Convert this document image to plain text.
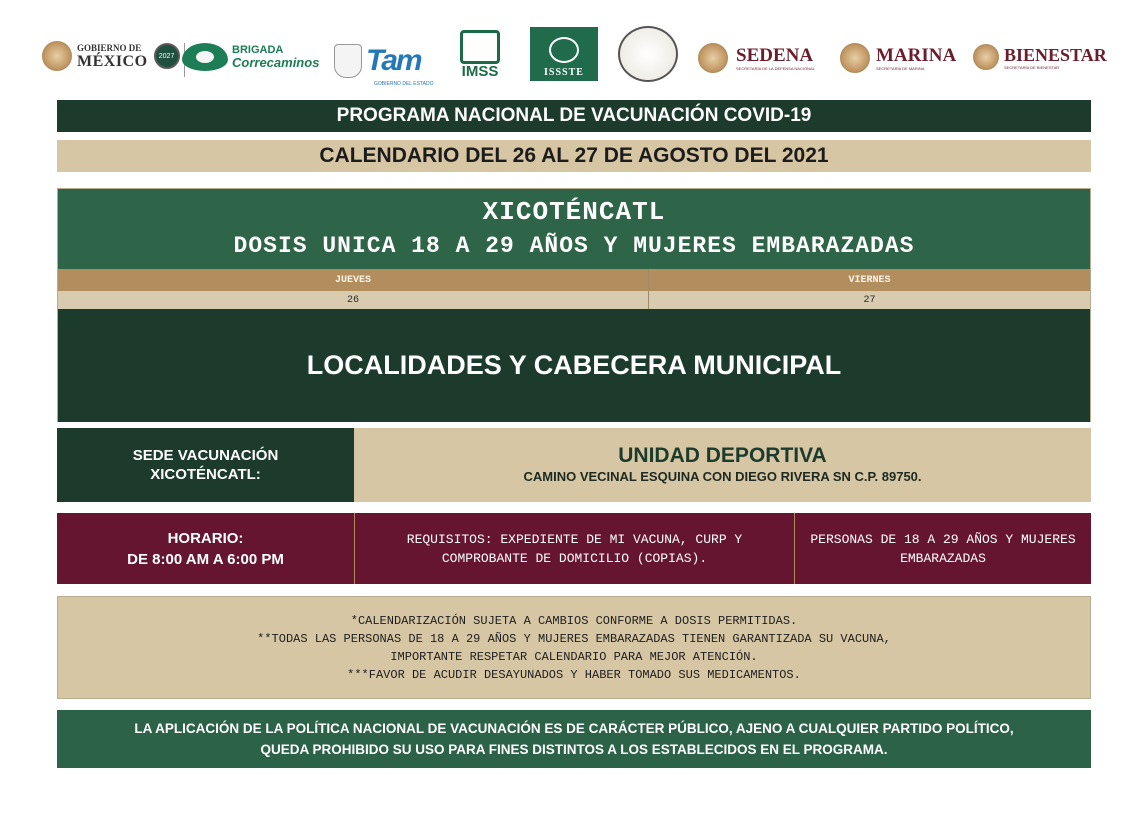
GOBIERNO DE
MÉXICO	2027	BRIGADA
Correcaminos Tam
GOBIERNO DEL ESTADO
IMSS	ISSSTE
SEDENA
SECRETARÍA DE LA DEFENSA NACIONAL
MARINA
SECRETARÍA DE MARINA
BIENESTAR
SECRETARÍA DE BIENESTAR
PROGRAMA NACIONAL DE VACUNACIÓN COVID-19
CALENDARIO DEL 26 AL 27 DE AGOSTO DEL 2021
XICOTÉNCATL
DOSIS UNICA 18 A 29 AÑOS Y MUJERES EMBARAZADAS
JUEVES	VIERNES
26	27
LOCALIDADES Y CABECERA MUNICIPAL
SEDE VACUNACIÓN
XICOTÉNCATL:
UNIDAD DEPORTIVA
CAMINO VECINAL ESQUINA CON DIEGO RIVERA SN C.P. 89750.
HORARIO:
DE 8:00 AM A 6:00 PM
REQUISITOS: EXPEDIENTE DE MI VACUNA, CURP Y COMPROBANTE DE DOMICILIO (COPIAS).
PERSONAS DE 18 A 29 AÑOS Y MUJERES EMBARAZADAS
*CALENDARIZACIÓN SUJETA A CAMBIOS CONFORME A DOSIS PERMITIDAS.
**TODAS LAS PERSONAS DE 18 A 29 AÑOS Y MUJERES EMBARAZADAS TIENEN GARANTIZADA SU VACUNA,
IMPORTANTE RESPETAR CALENDARIO PARA MEJOR ATENCIÓN.
***FAVOR DE ACUDIR DESAYUNADOS Y HABER TOMADO SUS MEDICAMENTOS.
LA APLICACIÓN DE LA POLÍTICA NACIONAL DE VACUNACIÓN ES DE CARÁCTER PÚBLICO, AJENO A CUALQUIER PARTIDO POLÍTICO,
QUEDA PROHIBIDO SU USO PARA FINES DISTINTOS A LOS ESTABLECIDOS EN EL PROGRAMA.
